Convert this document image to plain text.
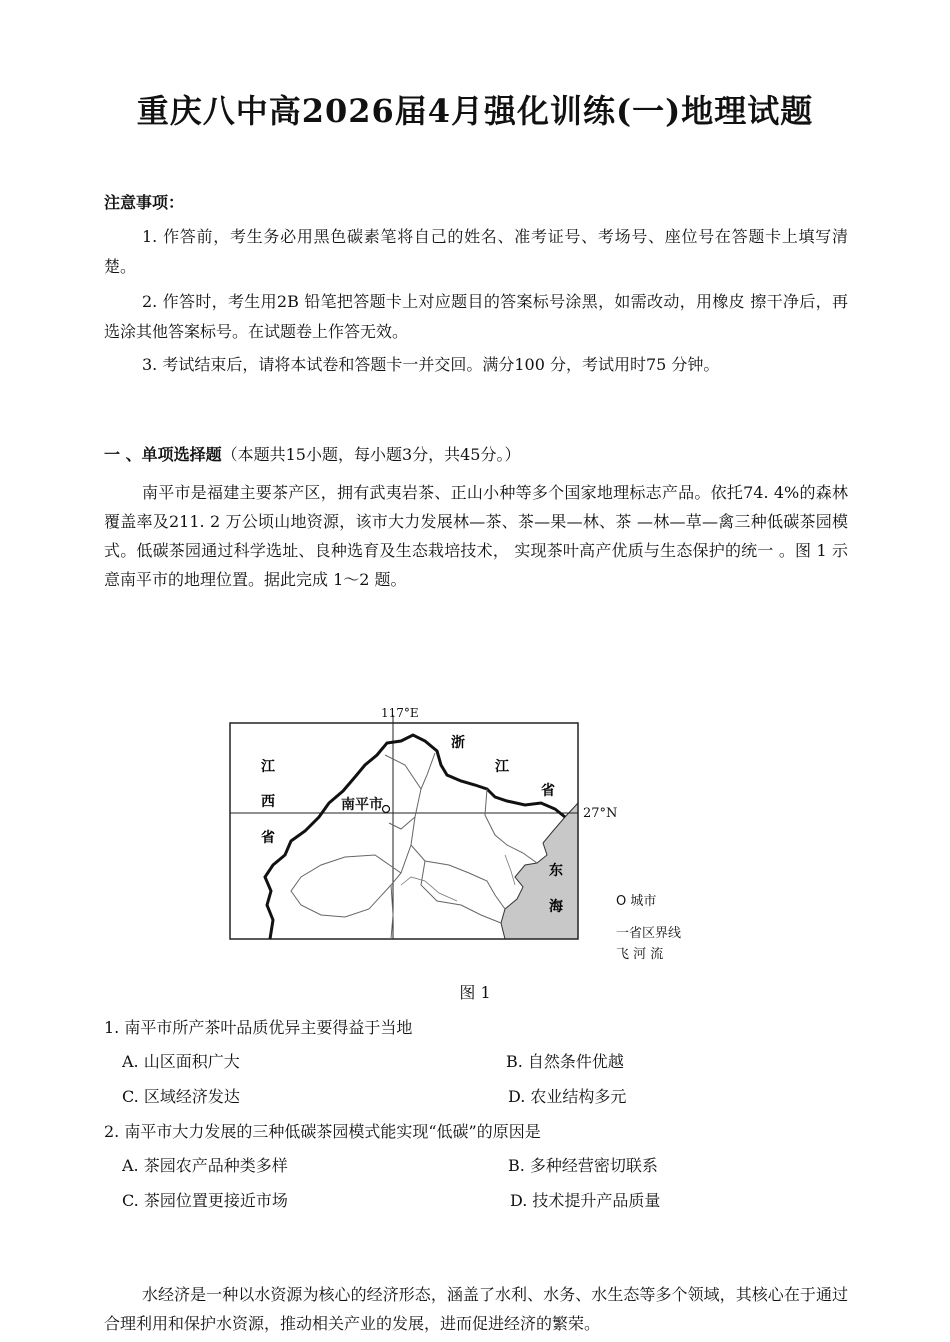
重庆八中高2026届4月强化训练(一)地理试题
注意事项：
1. 作答前，考生务必用黑色碳素笔将自己的姓名、准考证号、考场号、座位号在答题卡上填写清楚。
2. 作答时，考生用2B 铅笔把答题卡上对应题目的答案标号涂黑，如需改动，用橡皮 擦干净后，再选涂其他答案标号。在试题卷上作答无效。
3. 考试结束后，请将本试卷和答题卡一并交回。满分100 分，考试用时75 分钟。
一 、单项选择题（本题共15小题，每小题3分，共45分。）
南平市是福建主要茶产区，拥有武夷岩茶、正山小种等多个国家地理标志产品。依托74. 4%的森林覆盖率及211. 2 万公顷山地资源，该市大力发展林—茶、茶—果—林、茶 —林—草—禽三种低碳茶园模式。低碳茶园通过科学选址、良种选育及生态栽培技术， 实现茶叶高产优质与生态保护的统一 。图 1 示意南平市的地理位置。据此完成 1～2 题。
117°E
27°N
南平市
江
西
省
浙
江
省
东
海	O 城市
一省区界线
飞 河 流
图 1
1. 南平市所产茶叶品质优异主要得益于当地
A. 山区面积广大	B. 自然条件优越
C. 区域经济发达	D. 农业结构多元
2. 南平市大力发展的三种低碳茶园模式能实现“低碳”的原因是
A. 茶园农产品种类多样	B. 多种经营密切联系
C. 茶园位置更接近市场	D. 技术提升产品质量
水经济是一种以水资源为核心的经济形态，涵盖了水利、水务、水生态等多个领域，其核心在于通过合理利用和保护水资源，推动相关产业的发展，进而促进经济的繁荣。
